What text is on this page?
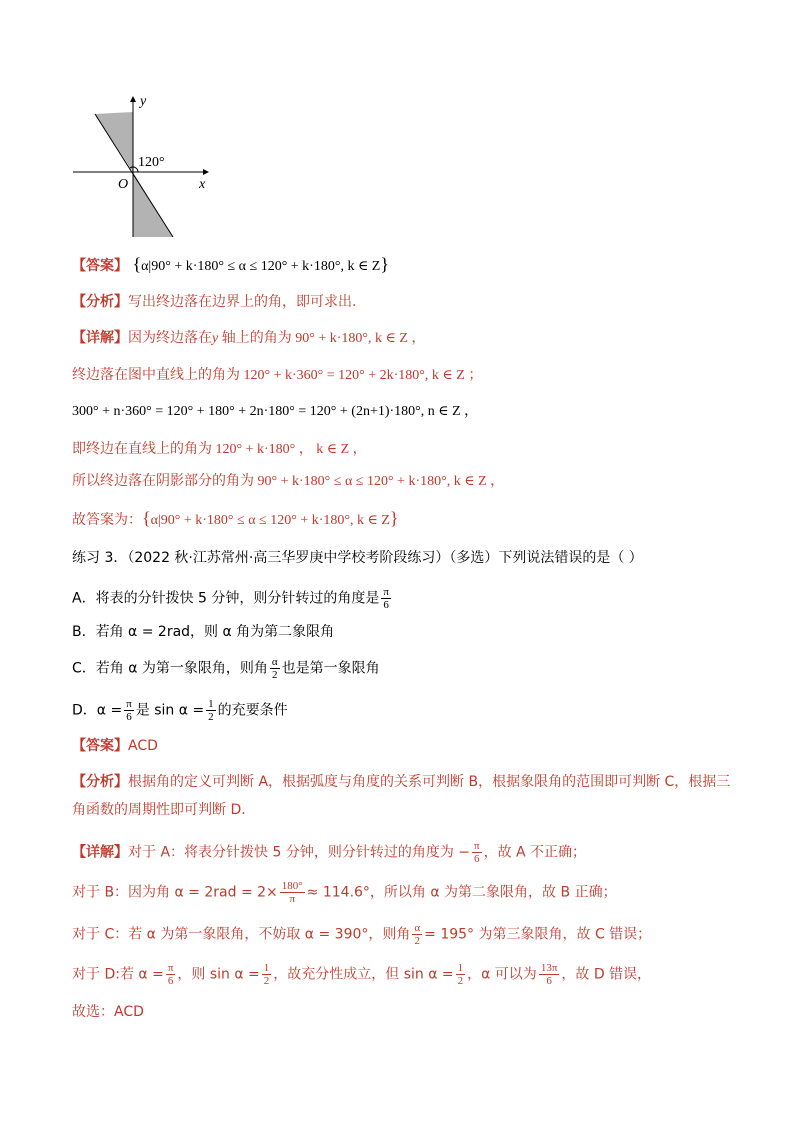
y
x
O
120°
【答案】 {α|90° + k·180° ≤ α ≤ 120° + k·180°, k ∈ Z}
【分析】写出终边落在边界上的角，即可求出.
【详解】因为终边落在y 轴上的角为 90° + k·180°, k ∈ Z ，
终边落在图中直线上的角为 120° + k·360° = 120° + 2k·180°, k ∈ Z ；
300° + n·360° = 120° + 180° + 2n·180° = 120° + (2n+1)·180°, n ∈ Z ，
即终边在直线上的角为 120° + k·180° ， k ∈ Z ，
所以终边落在阴影部分的角为 90° + k·180° ≤ α ≤ 120° + k·180°, k ∈ Z ，
故答案为：{α|90° + k·180° ≤ α ≤ 120° + k·180°, k ∈ Z}
练习 3．（2022 秋·江苏常州·高三华罗庚中学校考阶段练习）（多选）下列说法错误的是（ ）
A．将表的分针拨快 5 分钟，则分针转过的角度是 $\frac{\pi}{6}$
B．若角 α = 2rad，则 α 角为第二象限角
C．若角 α 为第一象限角，则角 $\frac{\alpha}{2}$ 也是第一象限角
D．$\alpha = \frac{\pi}{6}$ 是 $\sin \alpha = \frac{1}{2}$ 的充要条件
【答案】ACD
【分析】根据角的定义可判断 A，根据弧度与角度的关系可判断 B，根据象限角的范围即可判断 C，根据三
角函数的周期性即可判断 D.
【详解】对于 A：将表分针拨快 5 分钟，则分针转过的角度为 − $\frac{\pi}{6}$ ，故 A 不正确；
对于 B：因为角 $\alpha = 2rad = 2\times \frac{180^\circ}{\pi} \approx 114.6^\circ$，所以角 α 为第二象限角，故 B 正确；
对于 C：若 α 为第一象限角，不妨取 α = 390°，则角 $\frac{\alpha}{2} = 195^\circ$ 为第三象限角，故 C 错误；
对于 D:若 $\alpha = \frac{\pi}{6}$ ，则 $\sin \alpha = \frac{1}{2}$ ，故充分性成立，但 $\sin \alpha = \frac{1}{2}$ ，α 可以为 $\frac{13\pi}{6}$ ，故 D 错误，
故选：ACD
